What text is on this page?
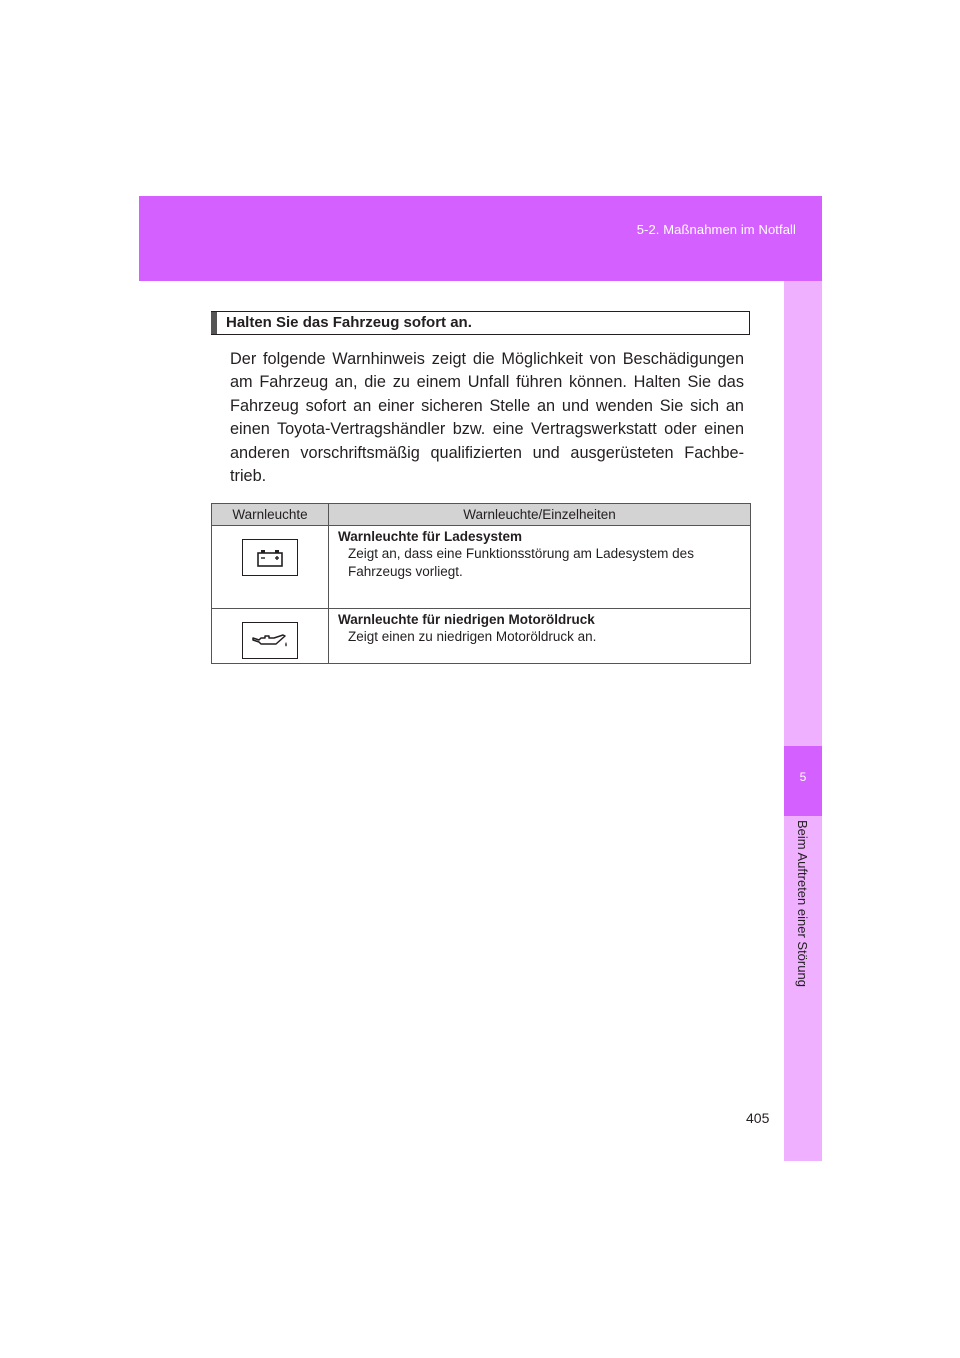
5-2. Maßnahmen im Notfall
5
Beim Auftreten einer Störung
Halten Sie das Fahrzeug sofort an.
Der folgende Warnhinweis zeigt die Möglichkeit von Beschädigungen am Fahrzeug an, die zu einem Unfall führen können. Halten Sie das Fahrzeug sofort an einer sicheren Stelle an und wenden Sie sich an einen Toyota-Vertragshändler bzw. eine Vertragswerkstatt oder einen anderen vorschriftsmäßig qualifizierten und ausgerüsteten Fachbe-trieb.
Warnleuchte	Warnleuchte/Einzelheiten

Warnleuchte für Ladesystem
Zeigt an, dass eine Funktionsstörung am Ladesystem des Fahrzeugs vorliegt.

Warnleuchte für niedrigen Motoröldruck
Zeigt einen zu niedrigen Motoröldruck an.
405
